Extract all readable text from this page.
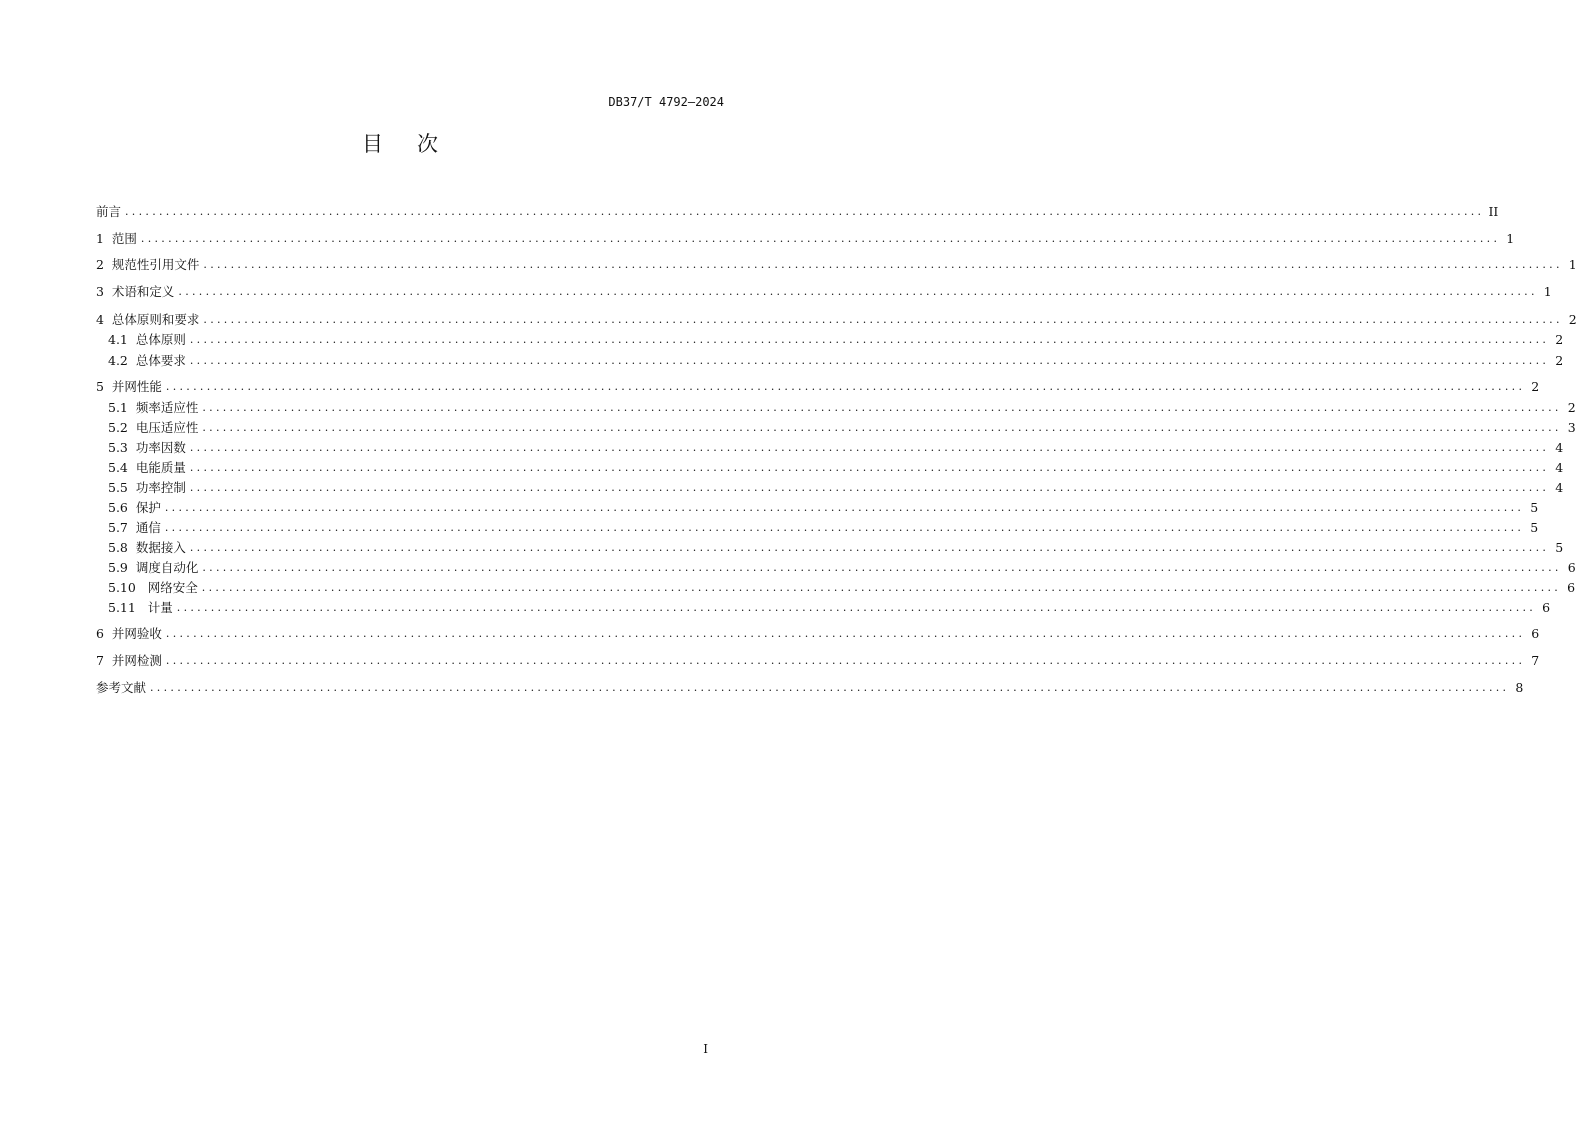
DB37/T 4792—2024
目 次
前言 ........................................................................................................................................................................................................ II
1
范围 ........................................................................................................................................................................................................ 1
2
规范性引用文件 ........................................................................................................................................................................................................ 1
3
术语和定义 ........................................................................................................................................................................................................ 1
4
总体原则和要求 ........................................................................................................................................................................................................ 2
4.1
总体原则 ........................................................................................................................................................................................................ 2
4.2
总体要求 ........................................................................................................................................................................................................ 2
5
并网性能 ........................................................................................................................................................................................................ 2
5.1
频率适应性 ........................................................................................................................................................................................................ 2
5.2
电压适应性 ........................................................................................................................................................................................................ 3
5.3
功率因数 ........................................................................................................................................................................................................ 4
5.4
电能质量 ........................................................................................................................................................................................................ 4
5.5
功率控制 ........................................................................................................................................................................................................ 4
5.6
保护 ........................................................................................................................................................................................................ 5
5.7
通信 ........................................................................................................................................................................................................ 5
5.8
数据接入 ........................................................................................................................................................................................................ 5
5.9
调度自动化 ........................................................................................................................................................................................................ 6
5.10
网络安全 ........................................................................................................................................................................................................ 6
5.11
计量 ........................................................................................................................................................................................................ 6
6
并网验收 ........................................................................................................................................................................................................ 6
7
并网检测 ........................................................................................................................................................................................................ 7
参考文献 ........................................................................................................................................................................................................ 8
I
